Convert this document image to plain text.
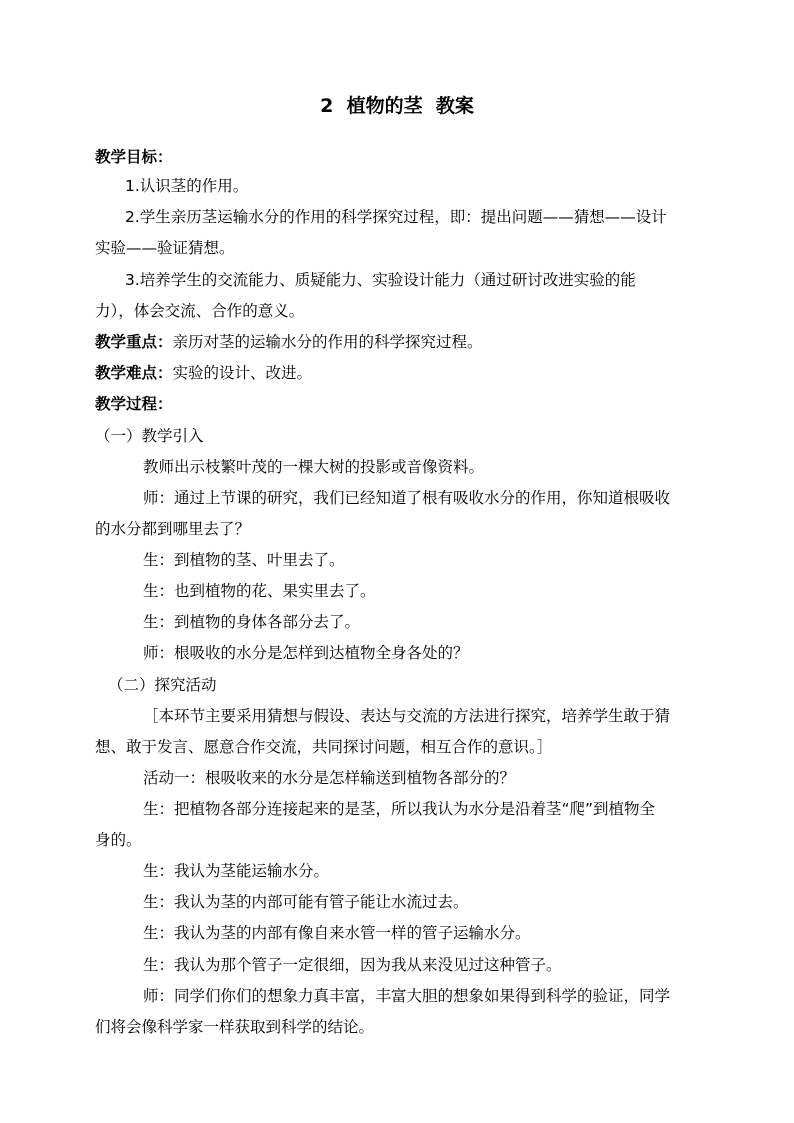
2  植物的茎  教案
教学目标：
1.认识茎的作用。
2.学生亲历茎运输水分的作用的科学探究过程，即：提出问题——猜想——设计
实验——验证猜想。
3.培养学生的交流能力、质疑能力、实验设计能力（通过研讨改进实验的能
力），体会交流、合作的意义。
教学重点：亲历对茎的运输水分的作用的科学探究过程。
教学难点：实验的设计、改进。
教学过程：
（一）教学引入
教师出示枝繁叶茂的一棵大树的投影或音像资料。
师：通过上节课的研究，我们已经知道了根有吸收水分的作用，你知道根吸收
的水分都到哪里去了？
生：到植物的茎、叶里去了。
生：也到植物的花、果实里去了。
生：到植物的身体各部分去了。
师：根吸收的水分是怎样到达植物全身各处的？
（二）探究活动
［本环节主要采用猜想与假设、表达与交流的方法进行探究，培养学生敢于猜
想、敢于发言、愿意合作交流，共同探讨问题，相互合作的意识。］
活动一：根吸收来的水分是怎样输送到植物各部分的？
生：把植物各部分连接起来的是茎，所以我认为水分是沿着茎“爬”到植物全
身的。
生：我认为茎能运输水分。
生：我认为茎的内部可能有管子能让水流过去。
生：我认为茎的内部有像自来水管一样的管子运输水分。
生：我认为那个管子一定很细，因为我从来没见过这种管子。
师：同学们你们的想象力真丰富，丰富大胆的想象如果得到科学的验证，同学
们将会像科学家一样获取到科学的结论。
